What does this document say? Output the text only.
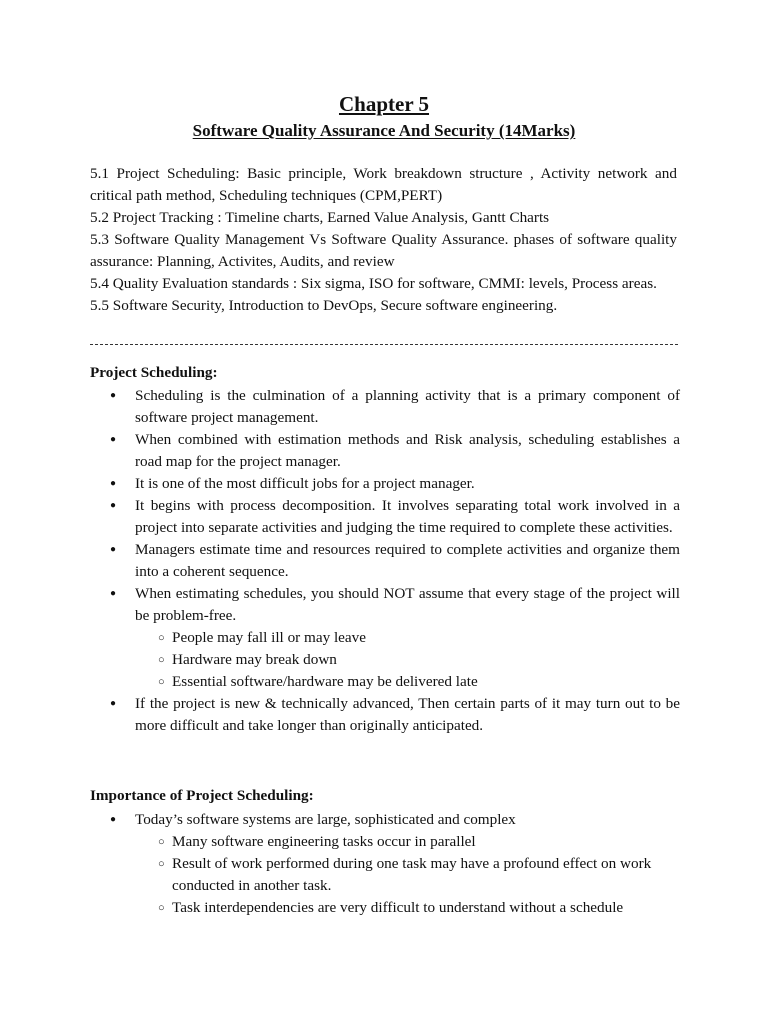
Chapter 5
Software Quality Assurance And Security (14Marks)

5.1 Project Scheduling: Basic principle, Work breakdown structure , Activity network and critical path method, Scheduling techniques (CPM,PERT)

5.2 Project Tracking : Timeline charts, Earned Value Analysis, Gantt Charts

5.3 Software Quality Management Vs Software Quality Assurance. phases of software quality assurance: Planning, Activites, Audits, and review

5.4 Quality Evaluation standards : Six sigma, ISO for software, CMMI: levels, Process areas.

5.5 Software Security, Introduction to DevOps, Secure software engineering.

Project Scheduling:
● Scheduling is the culmination of a planning activity that is a primary component of software project management.
● When combined with estimation methods and Risk analysis, scheduling establishes a road map for the project manager.
● It is one of the most difficult jobs for a project manager.
● It begins with process decomposition. It involves separating total work involved in a project into separate activities and judging the time required to complete these activities.
● Managers estimate time and resources required to complete activities and organize them into a coherent sequence.
● When estimating schedules, you should NOT assume that every stage of the project will be problem-free.
○ People may fall ill or may leave
○ Hardware may break down
○ Essential software/hardware may be delivered late
● If the project is new & technically advanced, Then certain parts of it may turn out to be more difficult and take longer than originally anticipated.
Importance of Project Scheduling:
● Today’s software systems are large, sophisticated and complex
○ Many software engineering tasks occur in parallel
○ Result of work performed during one task may have a profound effect on work conducted in another task.
○ Task interdependencies are very difficult to understand without a schedule
